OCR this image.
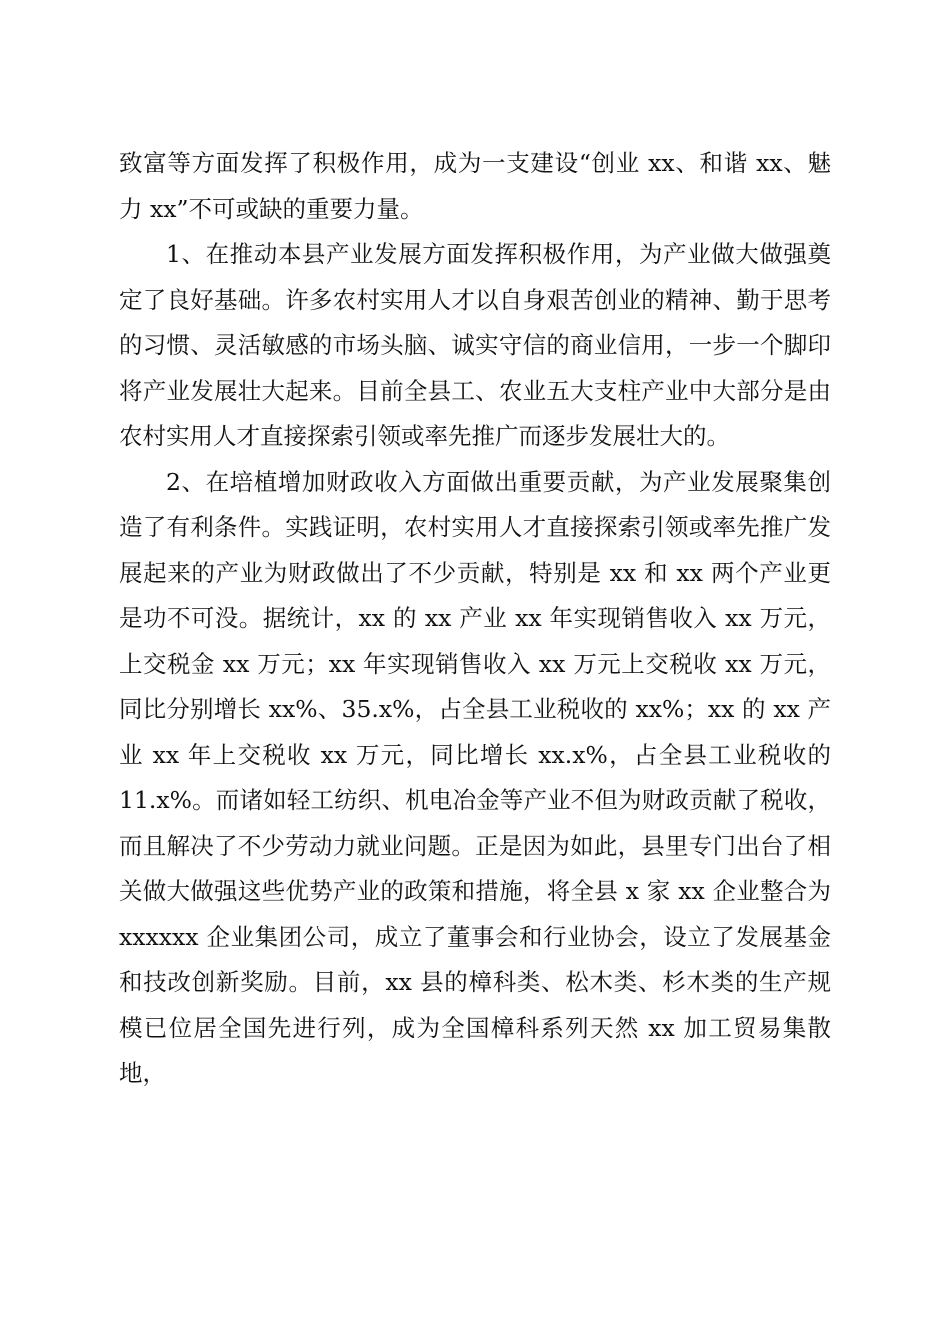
致富等方面发挥了积极作用，成为一支建设“创业 xx、和谐 xx、魅力 xx”不可或缺的重要力量。

1、在推动本县产业发展方面发挥积极作用，为产业做大做强奠定了良好基础。许多农村实用人才以自身艰苦创业的精神、勤于思考的习惯、灵活敏感的市场头脑、诚实守信的商业信用，一步一个脚印将产业发展壮大起来。目前全县工、农业五大支柱产业中大部分是由农村实用人才直接探索引领或率先推广而逐步发展壮大的。

2、在培植增加财政收入方面做出重要贡献，为产业发展聚集创造了有利条件。实践证明，农村实用人才直接探索引领或率先推广发展起来的产业为财政做出了不少贡献，特别是 xx 和 xx 两个产业更是功不可没。据统计，xx 的 xx 产业 xx 年实现销售收入 xx 万元，上交税金 xx 万元；xx 年实现销售收入 xx 万元上交税收 xx 万元，同比分别增长 xx%、35.x%，占全县工业税收的 xx%；xx 的 xx 产业 xx 年上交税收 xx 万元，同比增长 xx.x%，占全县工业税收的 11.x%。而诸如轻工纺织、机电冶金等产业不但为财政贡献了税收，而且解决了不少劳动力就业问题。正是因为如此，县里专门出台了相关做大做强这些优势产业的政策和措施，将全县 x 家 xx 企业整合为 xxxxxx 企业集团公司，成立了董事会和行业协会，设立了发展基金和技改创新奖励。目前，xx 县的樟科类、松木类、杉木类的生产规模已位居全国先进行列，成为全国樟科系列天然 xx 加工贸易集散地，
